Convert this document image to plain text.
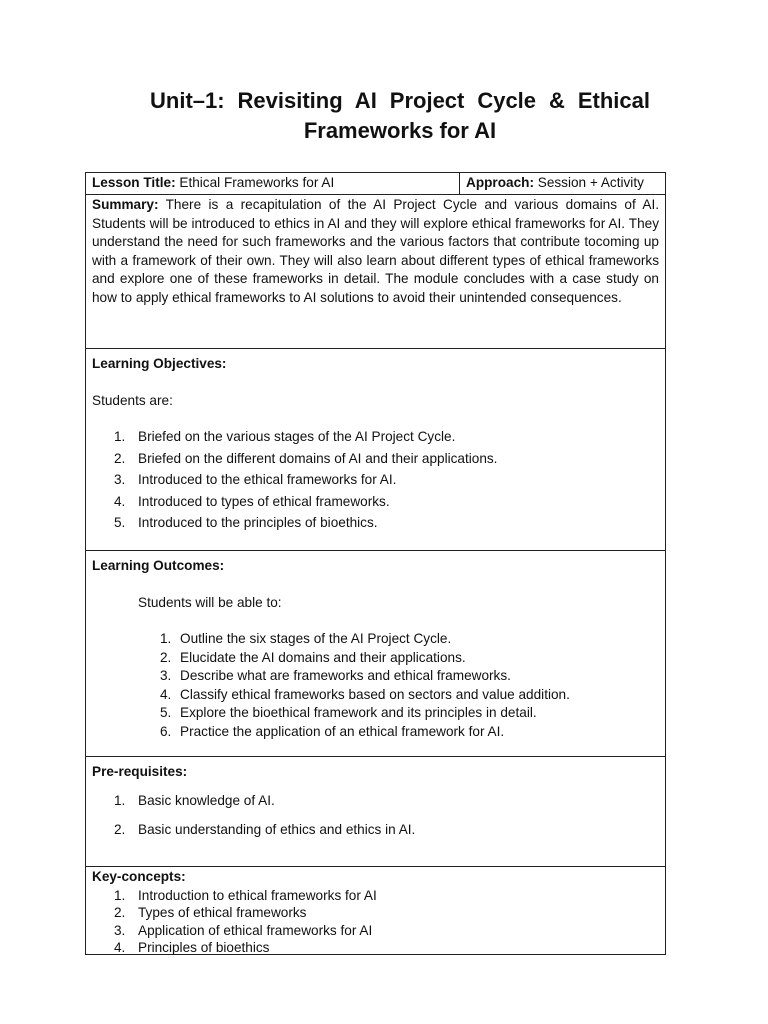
Unit–1: Revisiting AI Project Cycle & Ethical Frameworks for AI
Lesson Title: Ethical Frameworks for AI	Approach: Session + Activity
Summary: There is a recapitulation of the AI Project Cycle and various domains of AI. Students will be introduced to ethics in AI and they will explore ethical frameworks for AI. They understand the need for such frameworks and the various factors that contribute tocoming up with a framework of their own. They will also learn about different types of ethical frameworks and explore one of these frameworks in detail. The module concludes with a case study on how to apply ethical frameworks to AI solutions to avoid their unintended consequences.
Learning Objectives:
Students are:
1. Briefed on the various stages of the AI Project Cycle.
2. Briefed on the different domains of AI and their applications.
3. Introduced to the ethical frameworks for AI.
4. Introduced to types of ethical frameworks.
5. Introduced to the principles of bioethics.
Learning Outcomes:
Students will be able to:
1. Outline the six stages of the AI Project Cycle.
2. Elucidate the AI domains and their applications.
3. Describe what are frameworks and ethical frameworks.
4. Classify ethical frameworks based on sectors and value addition.
5. Explore the bioethical framework and its principles in detail.
6. Practice the application of an ethical framework for AI.
Pre-requisites:
1. Basic knowledge of AI.
2. Basic understanding of ethics and ethics in AI.
Key-concepts:
1. Introduction to ethical frameworks for AI
2. Types of ethical frameworks
3. Application of ethical frameworks for AI
4. Principles of bioethics
